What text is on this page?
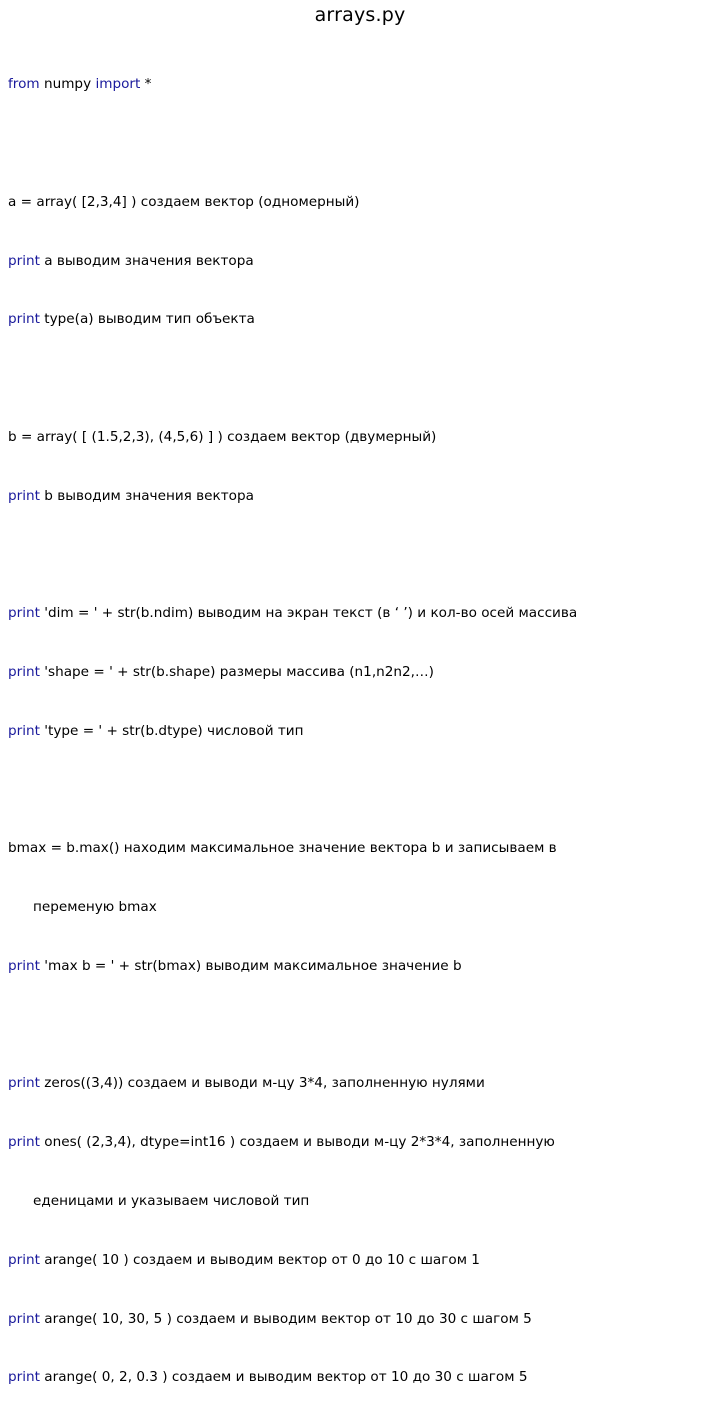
arrays.py

from numpy import *

a = array( [2,3,4] ) создаем вектор (одномерный)

print a выводим значения вектора

print type(a) выводим тип объекта

b = array( [ (1.5,2,3), (4,5,6) ] ) создаем вектор (двумерный)

print b выводим значения вектора

print 'dim = ' + str(b.ndim) выводим на экран текст (в ‘ ’) и кол-во осей массива

print 'shape = ' + str(b.shape) размеры массива (n1,n2n2,…)

print 'type = ' + str(b.dtype) числовой тип

bmax = b.max() находим максимальное значение вектора b и записываем в

переменую bmax

print 'max b = ' + str(bmax) выводим максимальное значение b

print zeros((3,4)) создаем и выводи м-цу 3*4, заполненную нулями

print ones( (2,3,4), dtype=int16 ) создаем и выводи м-цу 2*3*4, заполненную

еденицами и указываем числовой тип

print arange( 10 ) создаем и выводим вектор от 0 до 10 с шагом 1

print arange( 10, 30, 5 ) создаем и выводим вектор от 10 до 30 с шагом 5

print arange( 0, 2, 0.3 ) создаем и выводим вектор от 10 до 30 с шагом 5
